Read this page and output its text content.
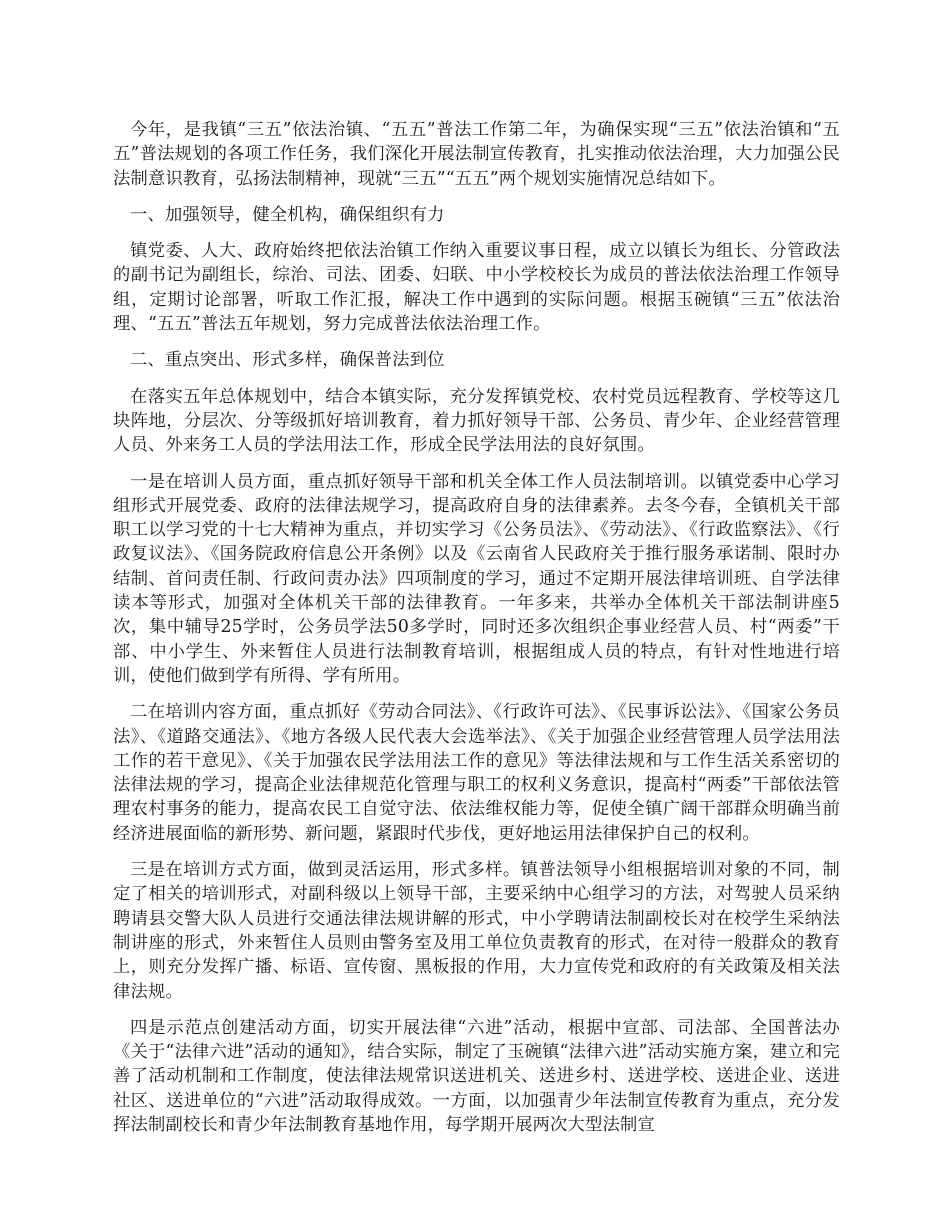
今年，是我镇“三五”依法治镇、“五五”普法工作第二年，为确保实现“三五”依法治镇和“五五”普法规划的各项工作任务，我们深化开展法制宣传教育，扎实推动依法治理，大力加强公民法制意识教育，弘扬法制精神，现就“三五”“五五”两个规划实施情况总结如下。

一、加强领导，健全机构，确保组织有力

镇党委、人大、政府始终把依法治镇工作纳入重要议事日程，成立以镇长为组长、分管政法的副书记为副组长，综治、司法、团委、妇联、中小学校校长为成员的普法依法治理工作领导组，定期讨论部署，听取工作汇报，解决工作中遇到的实际问题。根据玉碗镇“三五”依法治理、“五五”普法五年规划，努力完成普法依法治理工作。

二、重点突出、形式多样，确保普法到位

在落实五年总体规划中，结合本镇实际，充分发挥镇党校、农村党员远程教育、学校等这几块阵地，分层次、分等级抓好培训教育，着力抓好领导干部、公务员、青少年、企业经营管理人员、外来务工人员的学法用法工作，形成全民学法用法的良好氛围。

一是在培训人员方面，重点抓好领导干部和机关全体工作人员法制培训。以镇党委中心学习组形式开展党委、政府的法律法规学习，提高政府自身的法律素养。去冬今春，全镇机关干部职工以学习党的十七大精神为重点，并切实学习《公务员法》、《劳动法》、《行政监察法》、《行政复议法》、《国务院政府信息公开条例》以及《云南省人民政府关于推行服务承诺制、限时办结制、首问责任制、行政问责办法》四项制度的学习，通过不定期开展法律培训班、自学法律读本等形式，加强对全体机关干部的法律教育。一年多来，共举办全体机关干部法制讲座5次，集中辅导25学时，公务员学法50多学时，同时还多次组织企事业经营人员、村“两委”干部、中小学生、外来暂住人员进行法制教育培训，根据组成人员的特点，有针对性地进行培训，使他们做到学有所得、学有所用。

二在培训内容方面，重点抓好《劳动合同法》、《行政许可法》、《民事诉讼法》、《国家公务员法》、《道路交通法》、《地方各级人民代表大会选举法》、《关于加强企业经营管理人员学法用法工作的若干意见》、《关于加强农民学法用法工作的意见》等法律法规和与工作生活关系密切的法律法规的学习，提高企业法律规范化管理与职工的权利义务意识，提高村“两委”干部依法管理农村事务的能力，提高农民工自觉守法、依法维权能力等，促使全镇广阔干部群众明确当前经济进展面临的新形势、新问题，紧跟时代步伐，更好地运用法律保护自己的权利。

三是在培训方式方面，做到灵活运用，形式多样。镇普法领导小组根据培训对象的不同，制定了相关的培训形式，对副科级以上领导干部，主要采纳中心组学习的方法，对驾驶人员采纳聘请县交警大队人员进行交通法律法规讲解的形式，中小学聘请法制副校长对在校学生采纳法制讲座的形式，外来暂住人员则由警务室及用工单位负责教育的形式，在对待一般群众的教育上，则充分发挥广播、标语、宣传窗、黑板报的作用，大力宣传党和政府的有关政策及相关法律法规。

四是示范点创建活动方面，切实开展法律“六进”活动，根据中宣部、司法部、全国普法办《关于“法律六进”活动的通知》，结合实际，制定了玉碗镇“法律六进”活动实施方案，建立和完善了活动机制和工作制度，使法律法规常识送进机关、送进乡村、送进学校、送进企业、送进社区、送进单位的“六进”活动取得成效。一方面，以加强青少年法制宣传教育为重点，充分发挥法制副校长和青少年法制教育基地作用，每学期开展两次大型法制宣
